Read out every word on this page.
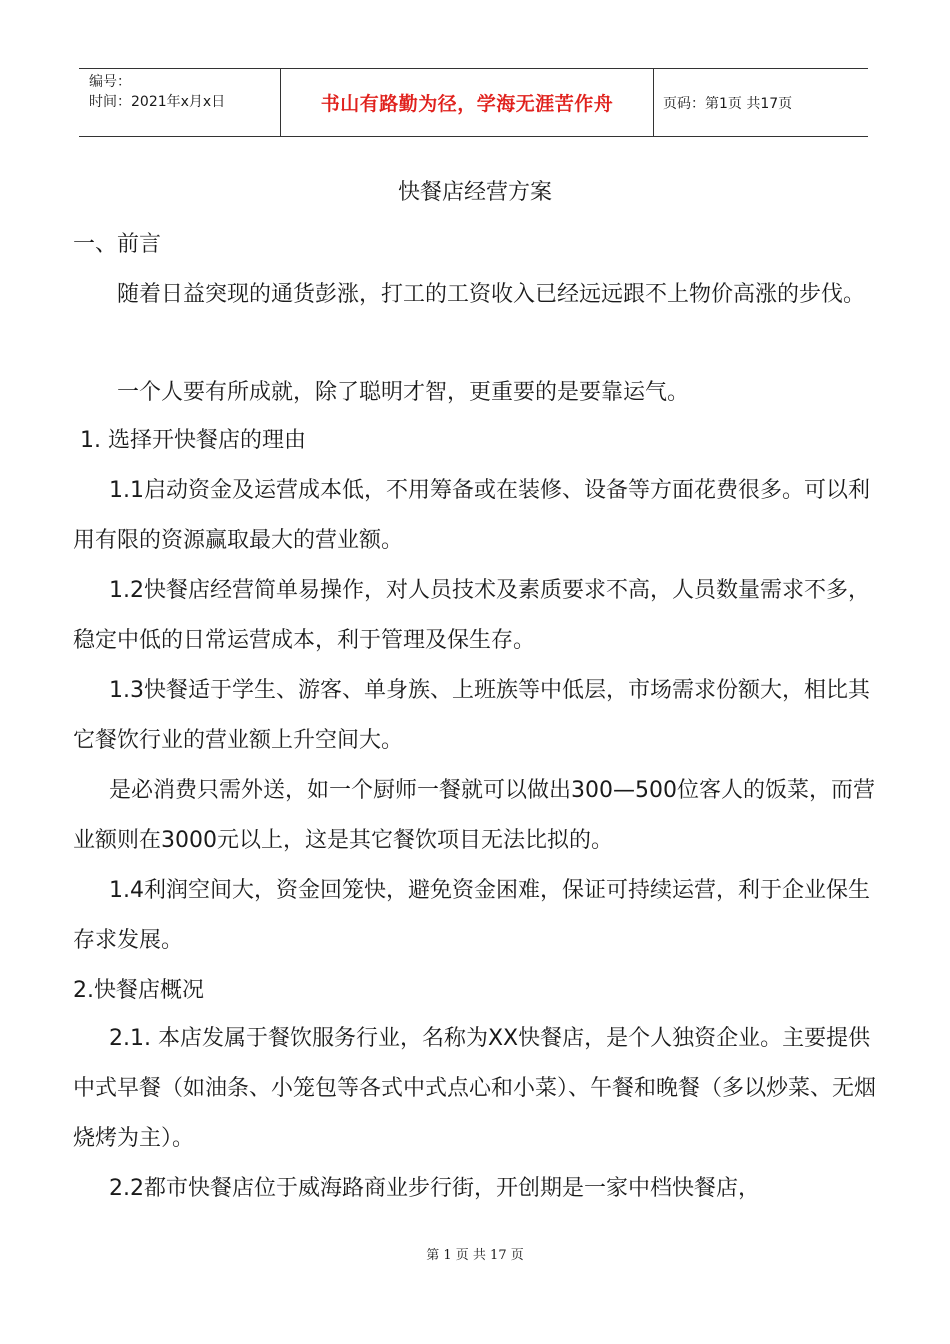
编号：
时间：2021年x月x日	书山有路勤为径，学海无涯苦作舟	页码：第1页 共17页
快餐店经营方案

一、前言

随着日益突现的通货彭涨，打工的工资收入已经远远跟不上物价高涨的步伐。

一个人要有所成就，除了聪明才智，更重要的是要靠运气。

1. 选择开快餐店的理由

1.1启动资金及运营成本低，不用筹备或在装修、设备等方面花费很多。可以利用有限的资源赢取最大的营业额。

1.2快餐店经营简单易操作，对人员技术及素质要求不高，人员数量需求不多，稳定中低的日常运营成本，利于管理及保生存。

1.3快餐适于学生、游客、单身族、上班族等中低层，市场需求份额大，相比其它餐饮行业的营业额上升空间大。

是必消费只需外送，如一个厨师一餐就可以做出300—500位客人的饭菜，而营业额则在3000元以上，这是其它餐饮项目无法比拟的。

1.4利润空间大，资金回笼快，避免资金困难，保证可持续运营，利于企业保生存求发展。

2.快餐店概况

2.1. 本店发属于餐饮服务行业，名称为XX快餐店，是个人独资企业。主要提供中式早餐（如油条、小笼包等各式中式点心和小菜）、午餐和晚餐（多以炒菜、无烟烧烤为主）。

2.2都市快餐店位于威海路商业步行街，开创期是一家中档快餐店，

第 1 页 共 17 页
